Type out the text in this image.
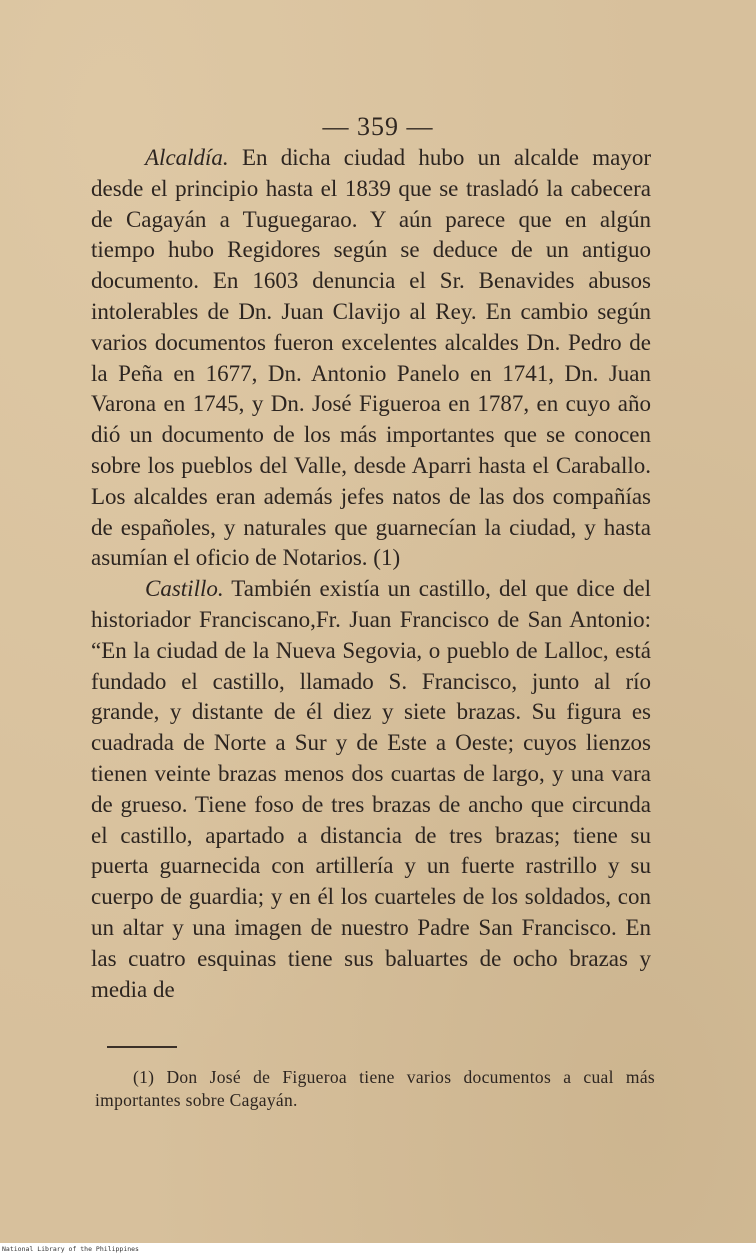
— 359 —

Alcaldía. En dicha ciudad hubo un alcalde mayor desde el principio hasta el 1839 que se trasladó la cabecera de Cagayán a Tuguegarao. Y aún parece que en algún tiempo hubo Regidores según se deduce de un antiguo documento. En 1603 denuncia el Sr. Benavides abusos intolerables de Dn. Juan Clavijo al Rey. En cambio según varios documentos fueron excelentes alcaldes Dn. Pedro de la Peña en 1677, Dn. Antonio Panelo en 1741, Dn. Juan Varona en 1745, y Dn. José Figueroa en 1787, en cuyo año dió un documento de los más importantes que se conocen sobre los pueblos del Valle, desde Aparri hasta el Caraballo. Los alcaldes eran además jefes natos de las dos compañías de españoles, y naturales que guarnecían la ciudad, y hasta asumían el oficio de Notarios. (1)

Castillo. También existía un castillo, del que dice del historiador Franciscano,Fr. Juan Francisco de San Antonio: “En la ciudad de la Nueva Segovia, o pueblo de Lalloc, está fundado el castillo, llamado S. Francisco, junto al río grande, y distante de él diez y siete brazas. Su figura es cuadrada de Norte a Sur y de Este a Oeste; cuyos lienzos tienen veinte brazas menos dos cuartas de largo, y una vara de grueso. Tiene foso de tres brazas de ancho que circunda el castillo, apartado a distancia de tres brazas; tiene su puerta guarnecida con artillería y un fuerte rastrillo y su cuerpo de guardia; y en él los cuarteles de los soldados, con un altar y una imagen de nuestro Padre San Francisco. En las cuatro esquinas tiene sus baluartes de ocho brazas y media de

(1) Don José de Figueroa tiene varios documentos a cual más importantes sobre Cagayán.

National Library of the Philippines
